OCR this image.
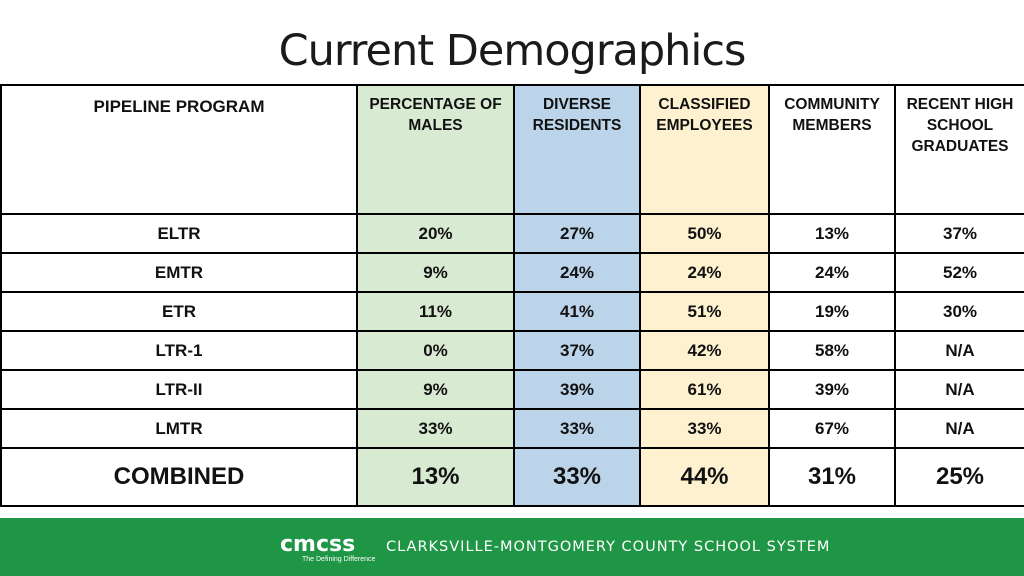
Current Demographics
PIPELINE PROGRAM	PERCENTAGE OF MALES	DIVERSE RESIDENTS	CLASSIFIED EMPLOYEES	COMMUNITY MEMBERS	RECENT HIGH SCHOOL GRADUATES
ELTR	20%	27%	50%	13%	37%
EMTR	9%	24%	24%	24%	52%
ETR	11%	41%	51%	19%	30%
LTR-1	0%	37%	42%	58%	N/A
LTR-II	9%	39%	61%	39%	N/A
LMTR	33%	33%	33%	67%	N/A
COMBINED	13%	33%	44%	31%	25%
cmcss
The Defining Difference
CLARKSVILLE-MONTGOMERY COUNTY SCHOOL SYSTEM
